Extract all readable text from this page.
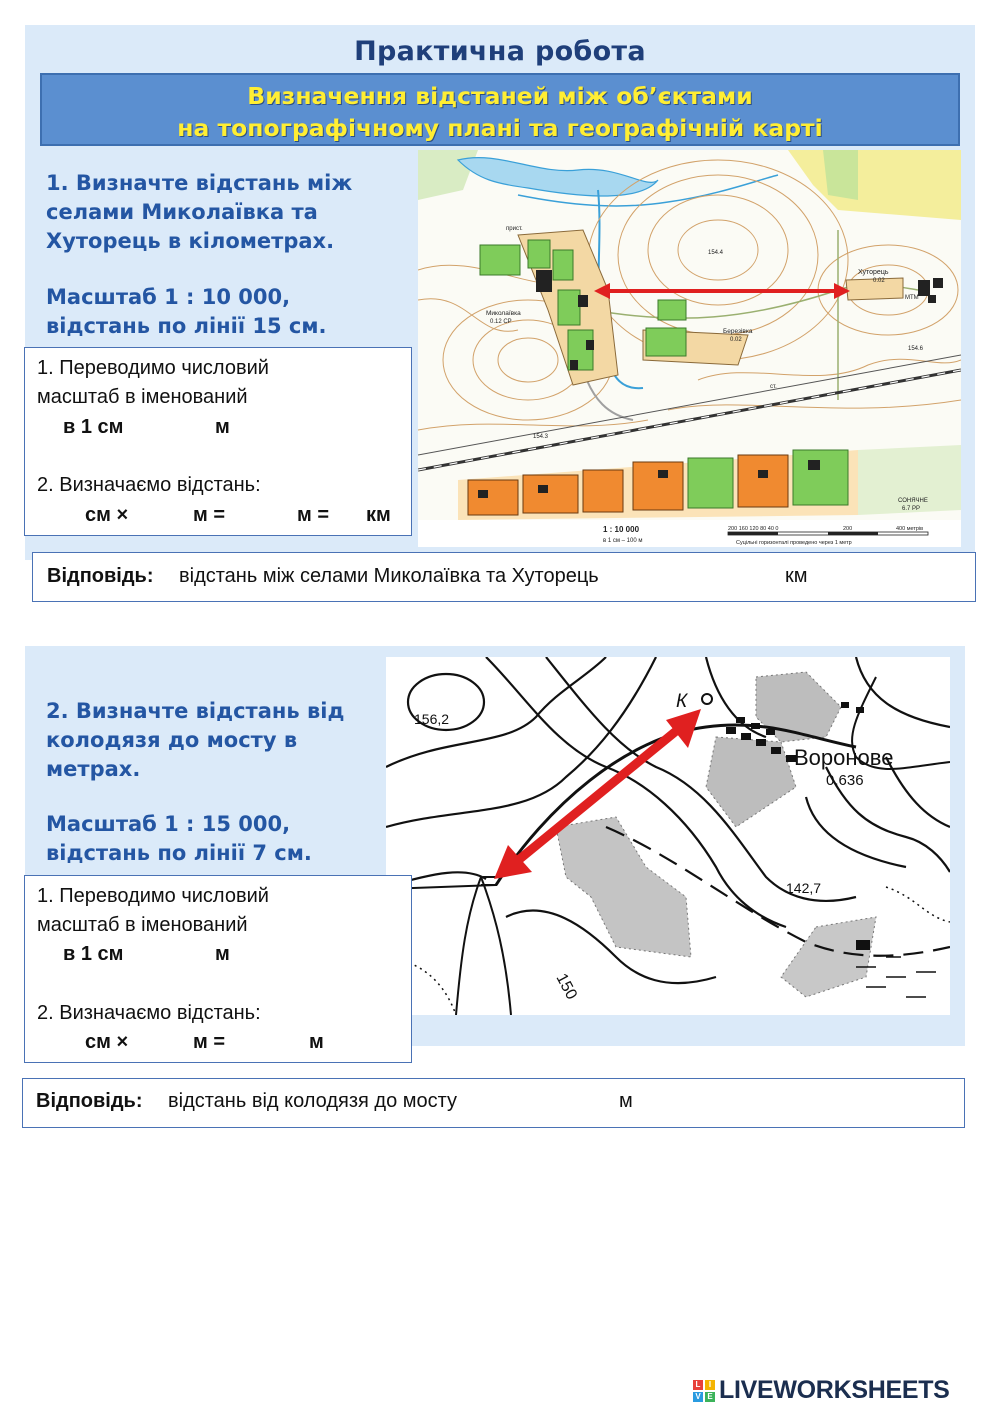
Практична робота
Визначення відстаней між об’єктами
на топографічному плані та географічній карті
1. Визначте відстань між
селами Миколаївка та
Хуторець в кілометрах.
Масштаб 1 : 10 000,
відстань по лінії 15 см.
Миколаївка
0.12 СР
Березівка
0.02
Хуторець
0.02
МТМ
154.4
154.6
154.3
прист.
ст.
СОНЯЧНЕ
6.7 РР
1 : 10 000
в 1 см – 100 м
200 160 120 80 40 0	200	400 метрів
Суцільні горизонталі проведено через 1 метр
1. Переводимо числовий
масштаб в іменований
в 1 см	м
2. Визначаємо відстань:
см ×	м =	м = км
Відповідь: відстань між селами Миколаївка та Хуторець	км
2. Визначте відстань від
колодязя до мосту в
метрах.
Масштаб 1 : 15 000,
відстань по лінії 7 см.
156,2
К
Воронове
0,636
142,7
150
1. Переводимо числовий
масштаб в іменований
в 1 см	м
2. Визначаємо відстань:
см ×	м =	м
Відповідь: відстань від колодязя до мосту	м
L	I
V E LIVEWORKSHEETS
